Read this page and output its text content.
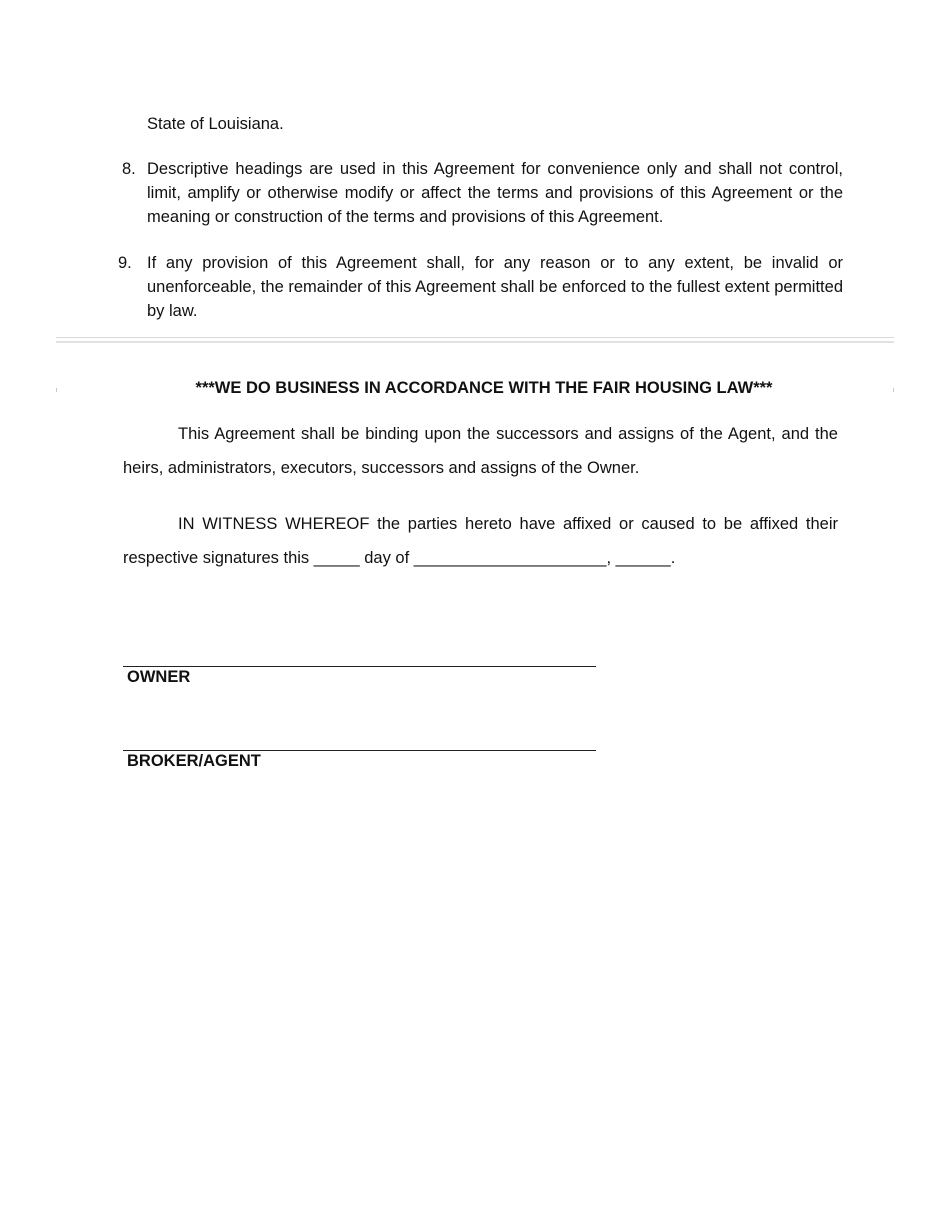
State of Louisiana.
8. Descriptive headings are used in this Agreement for convenience only and shall not control, limit, amplify or otherwise modify or affect the terms and provisions of this Agreement or the meaning or construction of the terms and provisions of this Agreement.
9. If any provision of this Agreement shall, for any reason or to any extent, be invalid or unenforceable, the remainder of this Agreement shall be enforced to the fullest extent permitted by law.
***WE DO BUSINESS IN ACCORDANCE WITH THE FAIR HOUSING LAW***
This Agreement shall be binding upon the successors and assigns of the Agent, and the heirs, administrators, executors, successors and assigns of the Owner.
IN WITNESS WHEREOF the parties hereto have affixed or caused to be affixed their respective signatures this _____ day of _____________________, ______.
OWNER
BROKER/AGENT
